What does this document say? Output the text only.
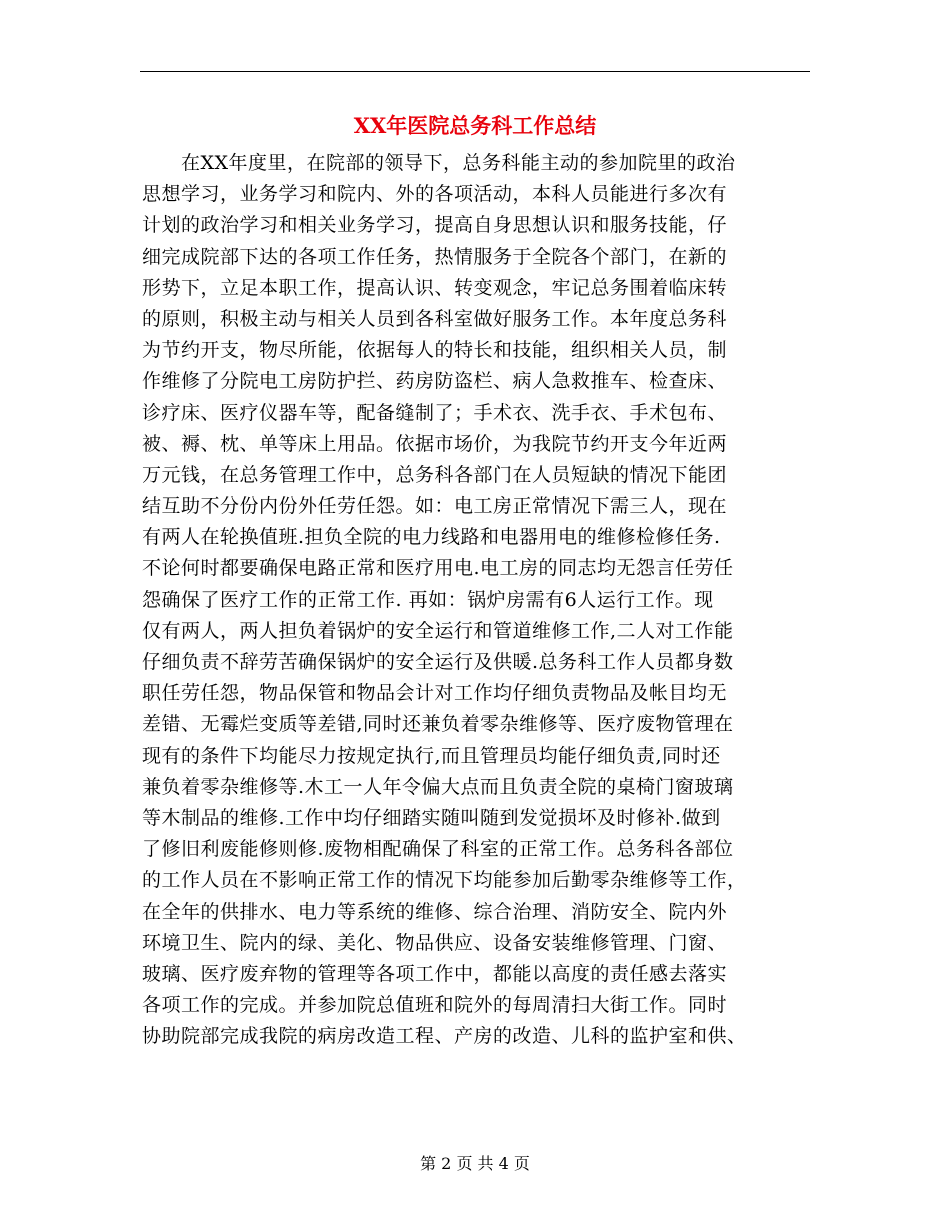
XX年医院总务科工作总结
　　在XX年度里，在院部的领导下，总务科能主动的参加院里的政治
思想学习，业务学习和院内、外的各项活动，本科人员能进行多次有
计划的政治学习和相关业务学习，提高自身思想认识和服务技能，仔
细完成院部下达的各项工作任务，热情服务于全院各个部门，在新的
形势下，立足本职工作，提高认识、转变观念，牢记总务围着临床转
的原则，积极主动与相关人员到各科室做好服务工作。本年度总务科
为节约开支，物尽所能，依据每人的特长和技能，组织相关人员，制
作维修了分院电工房防护拦、药房防盗栏、病人急救推车、检查床、
诊疗床、医疗仪器车等，配备缝制了；手术衣、洗手衣、手术包布、
被、褥、枕、单等床上用品。依据市场价，为我院节约开支今年近两
万元钱，在总务管理工作中，总务科各部门在人员短缺的情况下能团
结互助不分份内份外任劳任怨。如：电工房正常情况下需三人，现在
有两人在轮换值班.担负全院的电力线路和电器用电的维修检修任务.
不论何时都要确保电路正常和医疗用电.电工房的同志均无怨言任劳任
怨确保了医疗工作的正常工作. 再如：锅炉房需有6人运行工作。现
仅有两人，两人担负着锅炉的安全运行和管道维修工作,二人对工作能
仔细负责不辞劳苦确保锅炉的安全运行及供暖.总务科工作人员都身数
职任劳任怨，物品保管和物品会计对工作均仔细负责物品及帐目均无
差错、无霉烂变质等差错,同时还兼负着零杂维修等、医疗废物管理在
现有的条件下均能尽力按规定执行,而且管理员均能仔细负责,同时还
兼负着零杂维修等.木工一人年令偏大点而且负责全院的桌椅门窗玻璃
等木制品的维修.工作中均仔细踏实随叫随到发觉损坏及时修补.做到
了修旧利废能修则修.废物相配确保了科室的正常工作。总务科各部位
的工作人员在不影响正常工作的情况下均能参加后勤零杂维修等工作，
在全年的供排水、电力等系统的维修、综合治理、消防安全、院内外
环境卫生、院内的绿、美化、物品供应、设备安装维修管理、门窗、
玻璃、医疗废弃物的管理等各项工作中，都能以高度的责任感去落实
各项工作的完成。并参加院总值班和院外的每周清扫大街工作。同时
协助院部完成我院的病房改造工程、产房的改造、儿科的监护室和供、
第 2 页 共 4 页
